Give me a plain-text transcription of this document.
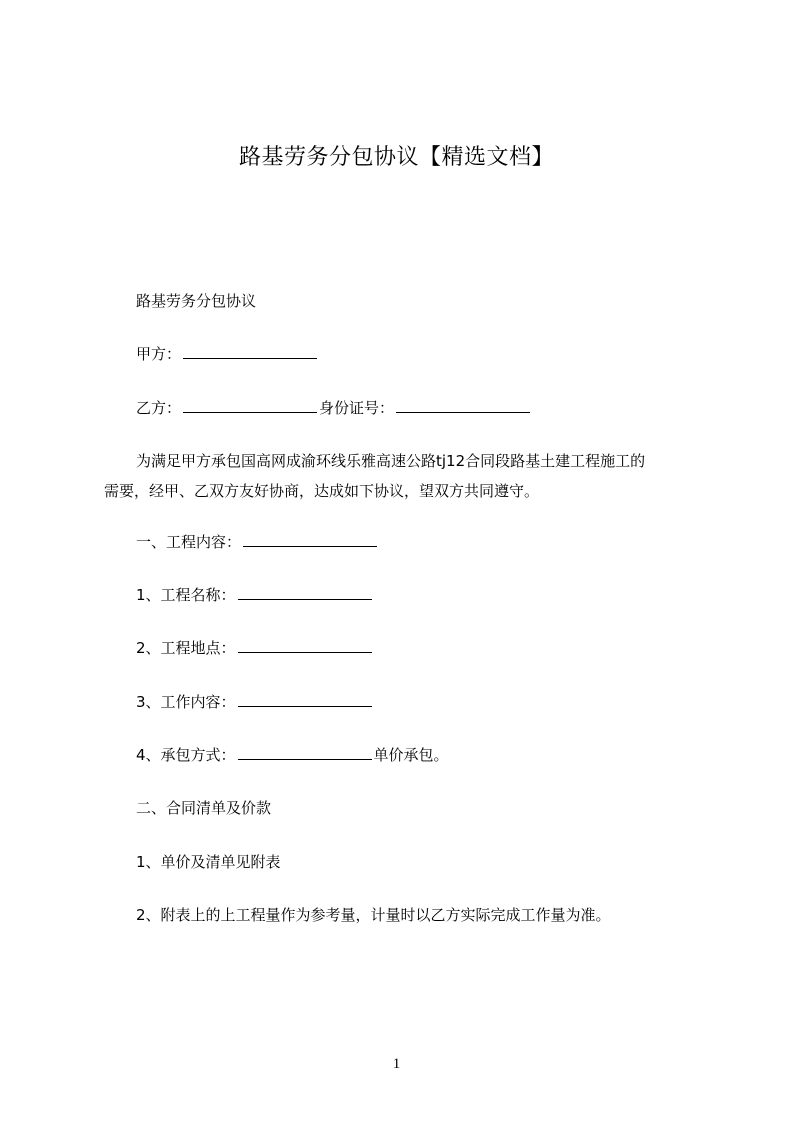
路基劳务分包协议【精选文档】
路基劳务分包协议
甲方：
乙方：	身份证号：
为满足甲方承包国高网成渝环线乐雅高速公路tj12合同段路基土建工程施工的
需要，经甲、乙双方友好协商，达成如下协议，望双方共同遵守。
一、工程内容：
1、工程名称：
2、工程地点：
3、工作内容：
4、承包方式：	单价承包。
二、合同清单及价款
1、单价及清单见附表
2、附表上的上工程量作为参考量，计量时以乙方实际完成工作量为准。
1
